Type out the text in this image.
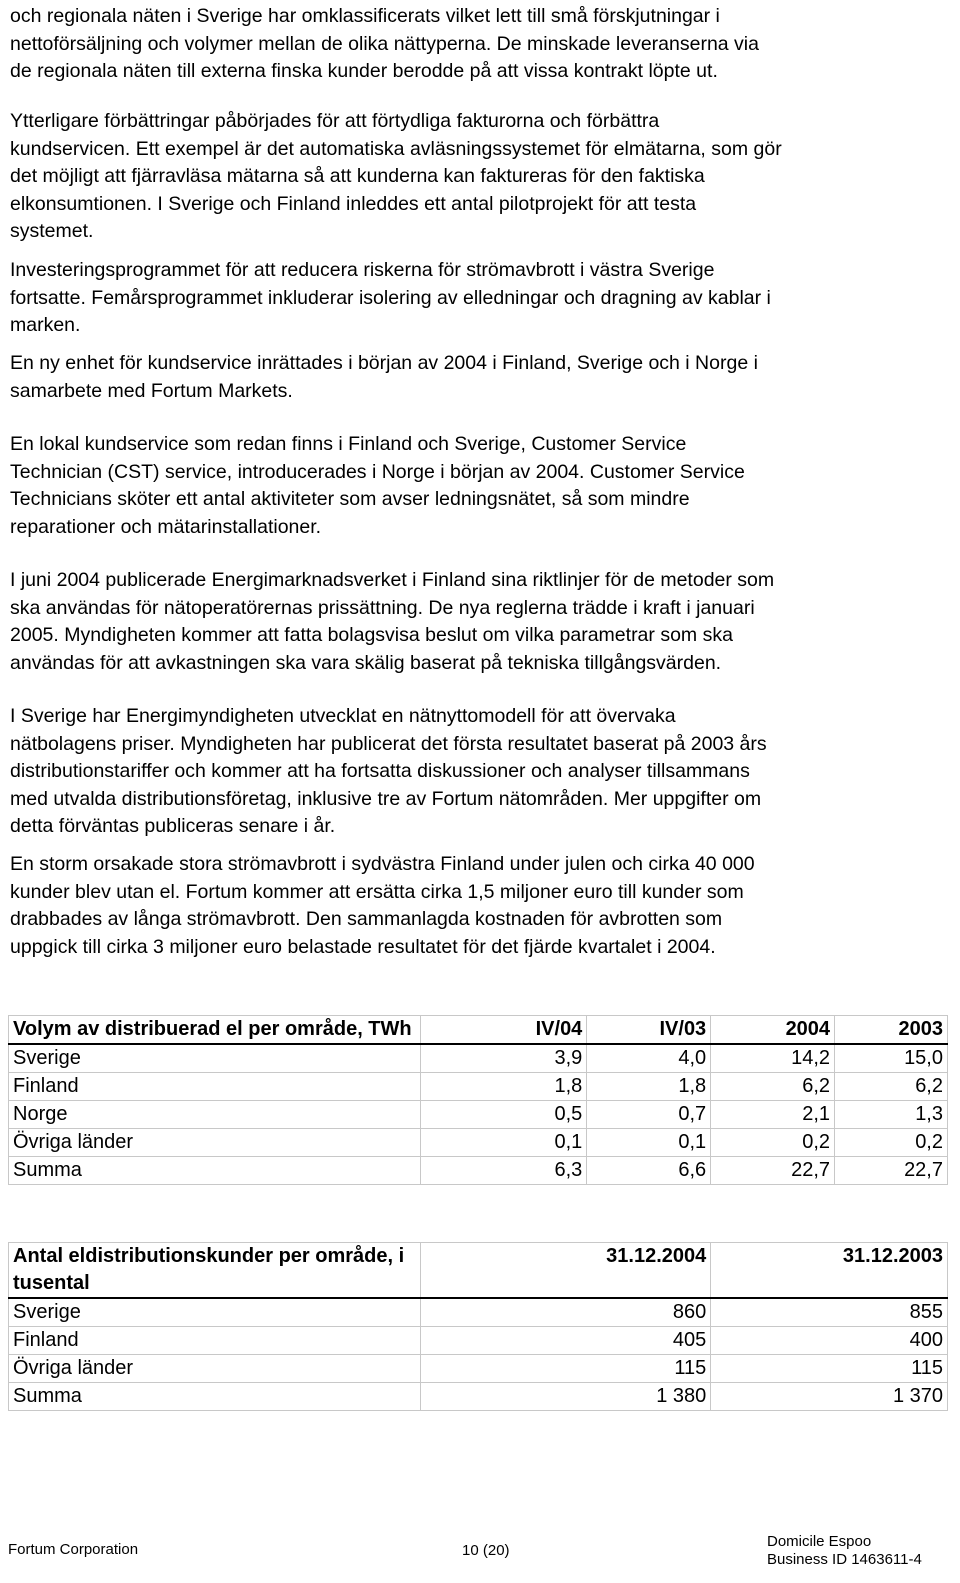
och regionala näten i Sverige har omklassificerats vilket lett till små förskjutningar i
nettoförsäljning och volymer mellan de olika nättyperna. De minskade leveranserna via
de regionala näten till externa finska kunder berodde på att vissa kontrakt löpte ut.

Ytterligare förbättringar påbörjades för att förtydliga fakturorna och förbättra
kundservicen. Ett exempel är det automatiska avläsningssystemet för elmätarna, som gör
det möjligt att fjärravläsa mätarna så att kunderna kan faktureras för den faktiska
elkonsumtionen. I Sverige och Finland inleddes ett antal pilotprojekt för att testa
systemet.

Investeringsprogrammet för att reducera riskerna för strömavbrott i västra Sverige
fortsatte. Femårsprogrammet inkluderar isolering av elledningar och dragning av kablar i
marken.

En ny enhet för kundservice inrättades i början av 2004 i Finland, Sverige och i Norge i
samarbete med Fortum Markets.

En lokal kundservice som redan finns i Finland och Sverige, Customer Service
Technician (CST) service, introducerades i Norge i början av 2004. Customer Service
Technicians sköter ett antal aktiviteter som avser ledningsnätet, så som mindre
reparationer och mätarinstallationer.

I juni 2004 publicerade Energimarknadsverket i Finland sina riktlinjer för de metoder som
ska användas för nätoperatörernas prissättning. De nya reglerna trädde i kraft i januari
2005. Myndigheten kommer att fatta bolagsvisa beslut om vilka parametrar som ska
användas för att avkastningen ska vara skälig baserat på tekniska tillgångsvärden.

I Sverige har Energimyndigheten utvecklat en nätnyttomodell för att övervaka
nätbolagens priser. Myndigheten har publicerat det första resultatet baserat på 2003 års
distributionstariffer och kommer att ha fortsatta diskussioner och analyser tillsammans
med utvalda distributionsföretag, inklusive tre av Fortum nätområden. Mer uppgifter om
detta förväntas publiceras senare i år.

En storm orsakade stora strömavbrott i sydvästra Finland under julen och cirka 40 000
kunder blev utan el. Fortum kommer att ersätta cirka 1,5 miljoner euro till kunder som
drabbades av långa strömavbrott. Den sammanlagda kostnaden för avbrotten som
uppgick till cirka 3 miljoner euro belastade resultatet för det fjärde kvartalet i 2004.

Volym av distribuerad el per område, TWh	IV/04	IV/03	2004	2003
Sverige	3,9	4,0	14,2	15,0
Finland	1,8	1,8	6,2	6,2
Norge	0,5	0,7	2,1	1,3
Övriga länder	0,1	0,1	0,2	0,2
Summa	6,3	6,6	22,7	22,7
Antal eldistributionskunder per område, i tusental	31.12.2004	31.12.2003
Sverige	860	855
Finland	405	400
Övriga länder	115	115
Summa	1 380	1 370
Fortum Corporation	10 (20)
Domicile Espoo
Business ID 1463611-4
